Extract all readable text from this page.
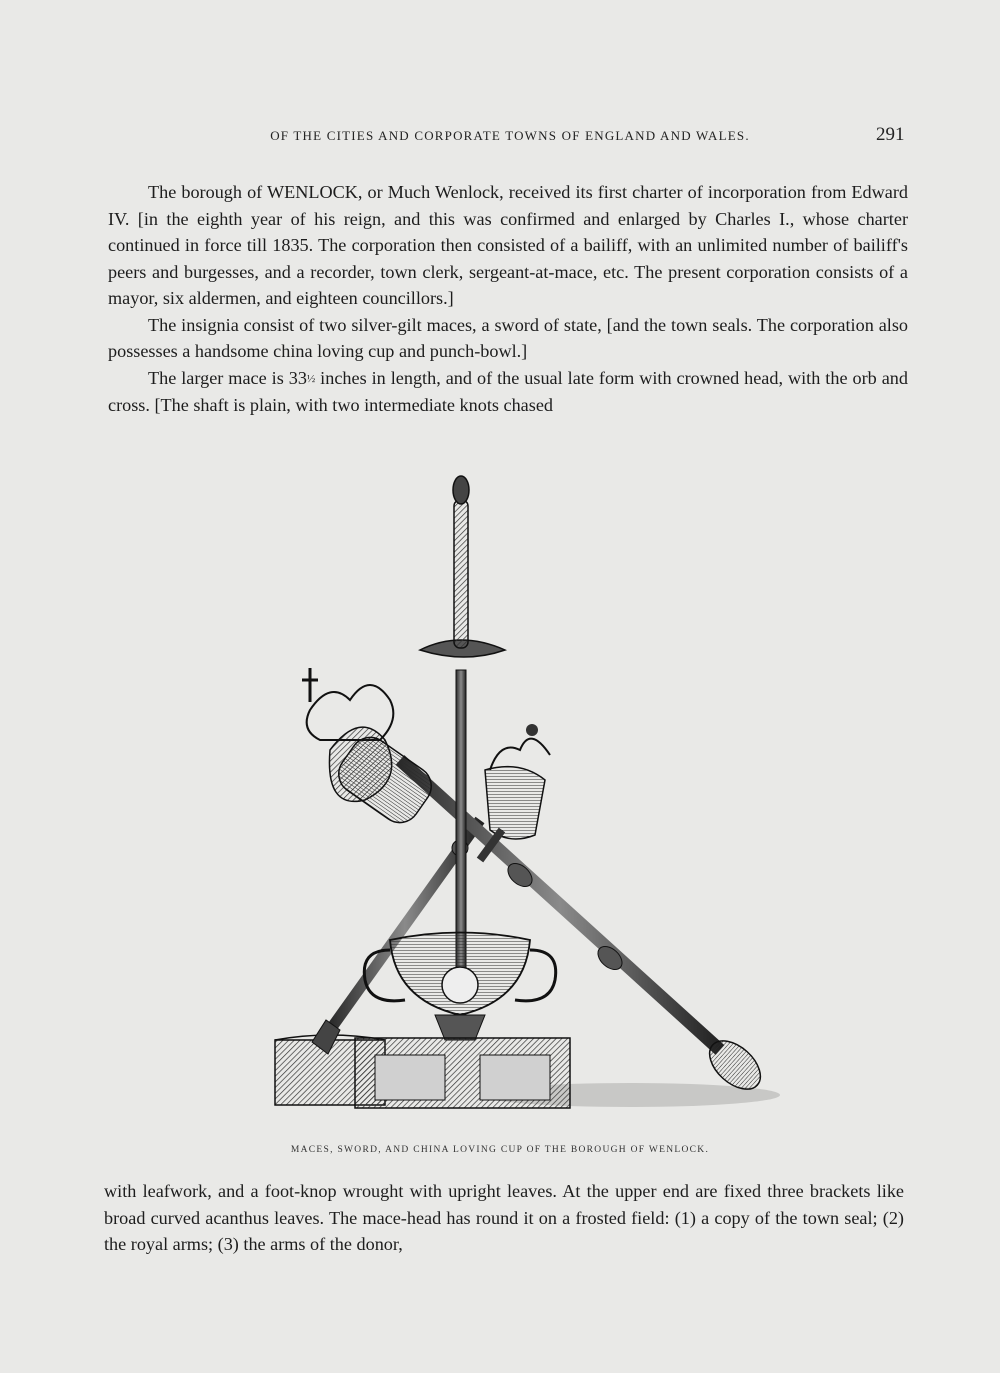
OF THE CITIES AND CORPORATE TOWNS OF ENGLAND AND WALES.	291

The borough of WENLOCK, or Much Wenlock, received its first charter of incorporation from Edward IV. [in the eighth year of his reign, and this was confirmed and enlarged by Charles I., whose charter continued in force till 1835. The corporation then consisted of a bailiff, with an unlimited number of bailiff's peers and burgesses, and a recorder, town clerk, sergeant-at-mace, etc. The present corporation consists of a mayor, six aldermen, and eighteen councillors.]

The insignia consist of two silver-gilt maces, a sword of state, [and the town seals. The corporation also possesses a handsome china loving cup and punch-bowl.]

The larger mace is 33½ inches in length, and of the usual late form with crowned head, with the orb and cross. [The shaft is plain, with two intermediate knots chased

MACES, SWORD, AND CHINA LOVING CUP OF THE BOROUGH OF WENLOCK.

with leafwork, and a foot-knop wrought with upright leaves. At the upper end are fixed three brackets like broad curved acanthus leaves. The mace-head has round it on a frosted field: (1) a copy of the town seal; (2) the royal arms; (3) the arms of the donor,
